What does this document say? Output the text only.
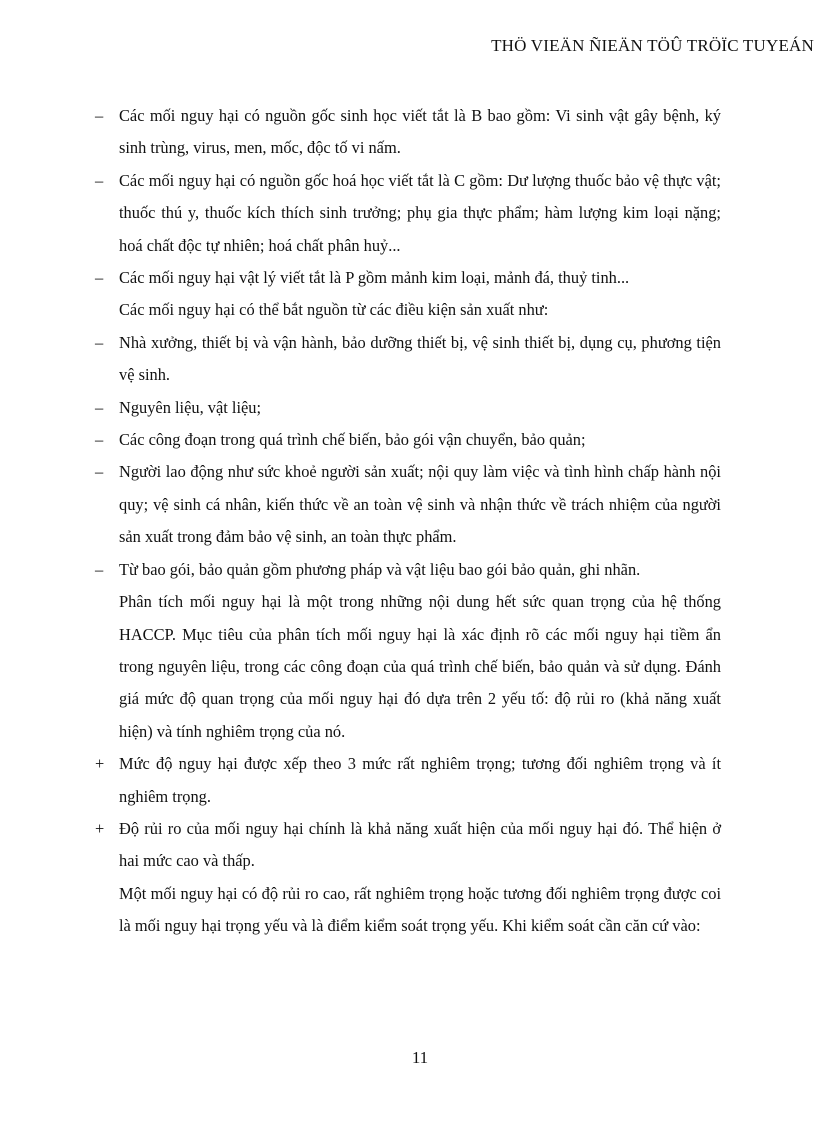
THÖ VIEÄN ÑIEÄN TÖÛ TRÖÏC TUYEÁN
– Các mối nguy hại có nguồn gốc sinh học viết tắt là B bao gồm: Vi sinh vật gây bệnh, ký sinh trùng, virus, men, mốc, độc tố vi nấm.
– Các mối nguy hại có nguồn gốc hoá học viết tắt là C gồm: Dư lượng thuốc bảo vệ thực vật; thuốc thú y, thuốc kích thích sinh trưởng; phụ gia thực phẩm; hàm lượng kim loại nặng; hoá chất độc tự nhiên; hoá chất phân huỷ...
– Các mối nguy hại vật lý viết tắt là P gồm mảnh kim loại, mảnh đá, thuỷ tinh...
Các mối nguy hại có thể bắt nguồn từ các điều kiện sản xuất như:
– Nhà xưởng, thiết bị và vận hành, bảo dưỡng thiết bị, vệ sinh thiết bị, dụng cụ, phương tiện vệ sinh.
– Nguyên liệu, vật liệu;
– Các công đoạn trong quá trình chế biến, bảo gói vận chuyển, bảo quản;
– Người lao động như sức khoẻ người sản xuất; nội quy làm việc và tình hình chấp hành nội quy; vệ sinh cá nhân, kiến thức về an toàn vệ sinh và nhận thức về trách nhiệm của người sản xuất trong đảm bảo vệ sinh, an toàn thực phẩm.
– Từ bao gói, bảo quản gồm phương pháp và vật liệu bao gói bảo quản, ghi nhãn.
Phân tích mối nguy hại là một trong những nội dung hết sức quan trọng của hệ thống HACCP. Mục tiêu của phân tích mối nguy hại là xác định rõ các mối nguy hại tiềm ẩn trong nguyên liệu, trong các công đoạn của quá trình chế biến, bảo quản và sử dụng. Đánh giá mức độ quan trọng của mối nguy hại đó dựa trên 2 yếu tố: độ rủi ro (khả năng xuất hiện) và tính nghiêm trọng của nó.
+ Mức độ nguy hại được xếp theo 3 mức rất nghiêm trọng; tương đối nghiêm trọng và ít nghiêm trọng.
+ Độ rủi ro của mối nguy hại chính là khả năng xuất hiện của mối nguy hại đó. Thể hiện ở hai mức cao và thấp.
Một mối nguy hại có độ rủi ro cao, rất nghiêm trọng hoặc tương đối nghiêm trọng được coi là mối nguy hại trọng yếu và là điểm kiểm soát trọng yếu. Khi kiểm soát cần căn cứ vào:
11
